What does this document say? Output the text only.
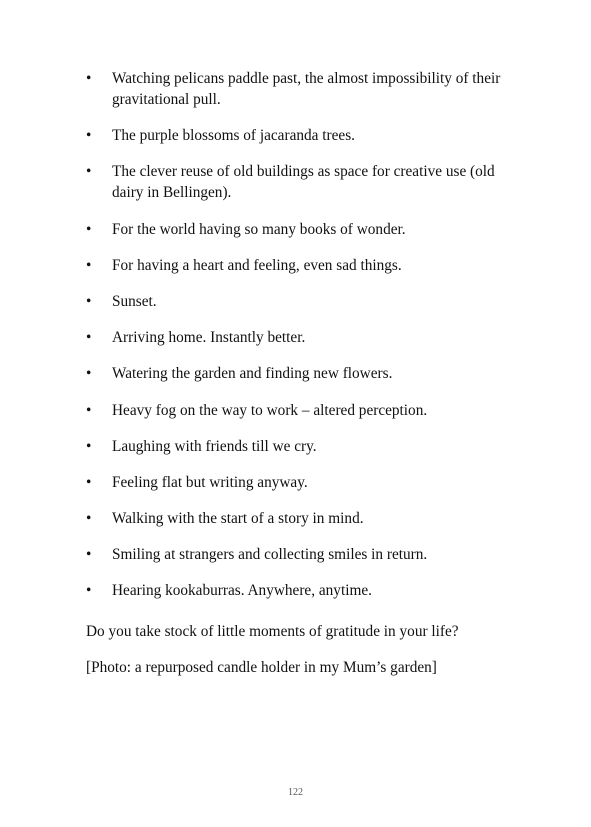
•	Watching pelicans paddle past, the almost impossibility of their gravitational pull.
•	The purple blossoms of jacaranda trees.
•	The clever reuse of old buildings as space for creative use (old dairy in Bellingen).
•	For the world having so many books of wonder.
•	For having a heart and feeling, even sad things.
•	Sunset.
•	Arriving home. Instantly better.
•	Watering the garden and finding new flowers.
•	Heavy fog on the way to work – altered perception.
•	Laughing with friends till we cry.
•	Feeling flat but writing anyway.
•	Walking with the start of a story in mind.
•	Smiling at strangers and collecting smiles in return.
•	Hearing kookaburras. Anywhere, anytime.

Do you take stock of little moments of gratitude in your life?

[Photo: a repurposed candle holder in my Mum’s garden]

122
